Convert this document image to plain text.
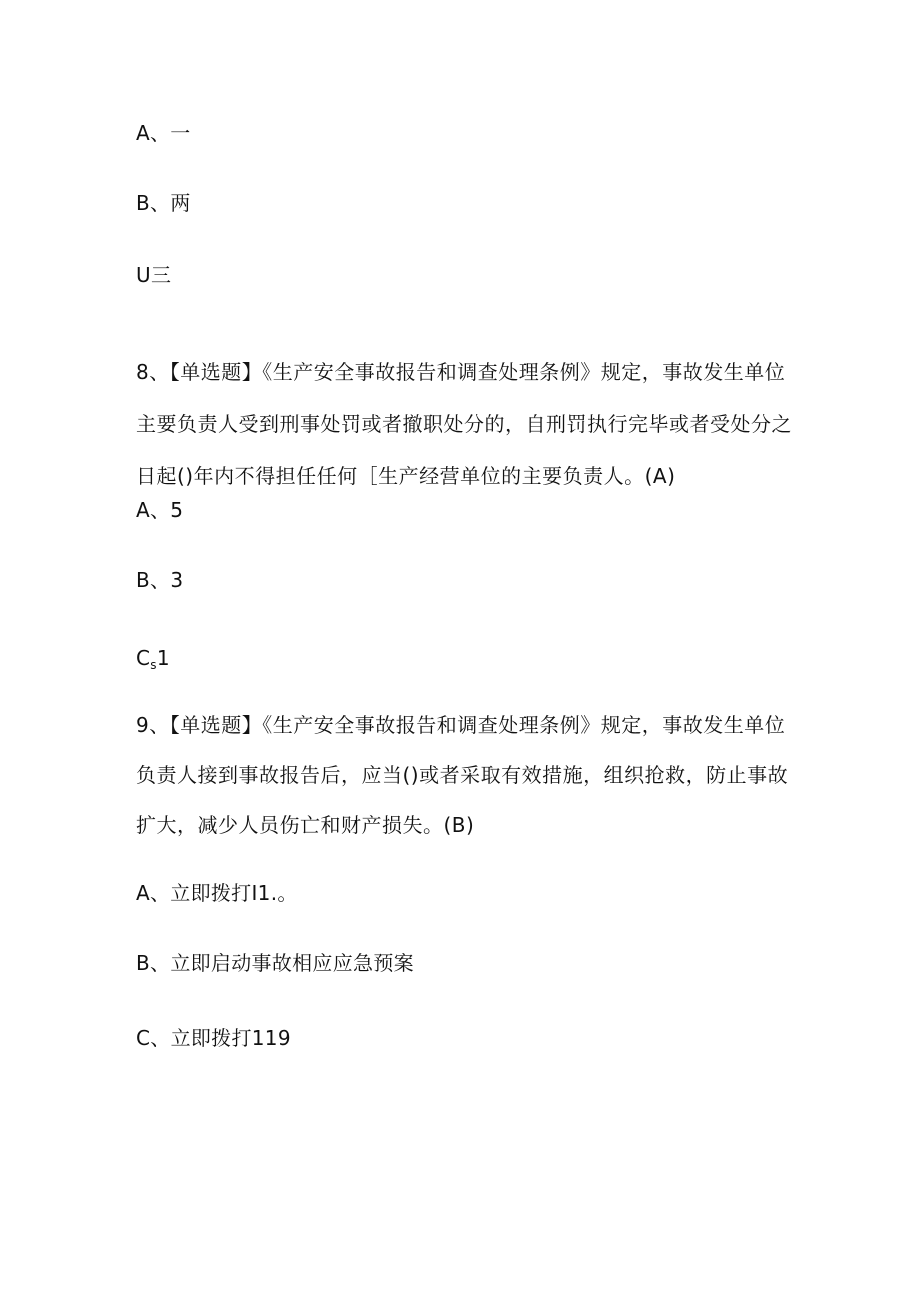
A、一
B、两
U三
8、【单选题】《生产安全事故报告和调查处理条例》规定，事故发生单位
主要负责人受到刑事处罚或者撤职处分的，自刑罚执行完毕或者受处分之
日起()年内不得担任任何［生产经营单位的主要负责人。(A)
A、5
B、3
$C_s1$
9、【单选题】《生产安全事故报告和调查处理条例》规定，事故发生单位
负责人接到事故报告后，应当()或者采取有效措施，组织抢救，防止事故
扩大，减少人员伤亡和财产损失。(B)
A、立即拨打I1.。
B、立即启动事故相应应急预案
C、立即拨打119
